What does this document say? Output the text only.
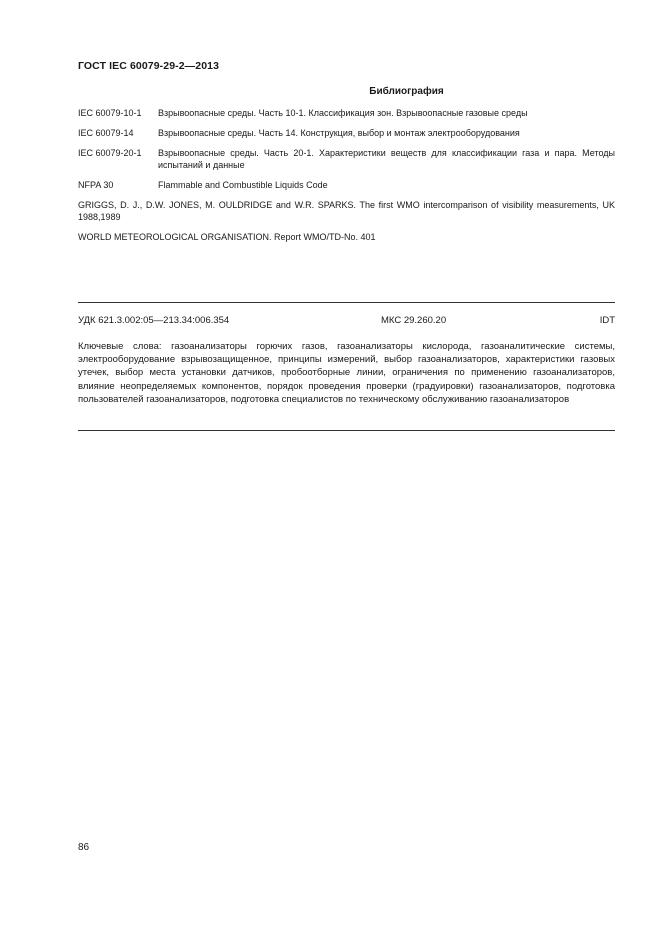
ГОСТ IEC 60079-29-2—2013
Библиография
IEC 60079-10-1	Взрывоопасные среды. Часть 10-1. Классификация зон. Взрывоопасные газовые среды
IEC 60079-14	Взрывоопасные среды. Часть 14. Конструкция, выбор и монтаж электрооборудования
IEC 60079-20-1	Взрывоопасные среды. Часть 20-1. Характеристики веществ для классификации газа и пара. Методы испытаний и данные
NFPA 30	Flammable and Combustible Liquids Code
GRIGGS, D. J., D.W. JONES, M. OULDRIDGE and W.R. SPARKS. The first WMO intercomparison of visibility measurements, UK 1988,1989
WORLD METEOROLOGICAL ORGANISATION. Report WMO/TD-No. 401
УДК 621.3.002:05—213.34:006.354	МКС 29.260.20	IDT
Ключевые слова: газоанализаторы горючих газов, газоанализаторы кислорода, газоаналитические системы, электрооборудование взрывозащищенное, принципы измерений, выбор газоанализаторов, характеристики газовых утечек, выбор места установки датчиков, пробоотборные линии, ограничения по применению газоанализаторов, влияние неопределяемых компонентов, порядок проведения проверки (градуировки) газоанализаторов, подготовка пользователей газоанализаторов, подготовка специалистов по техническому обслуживанию газоанализаторов
86
